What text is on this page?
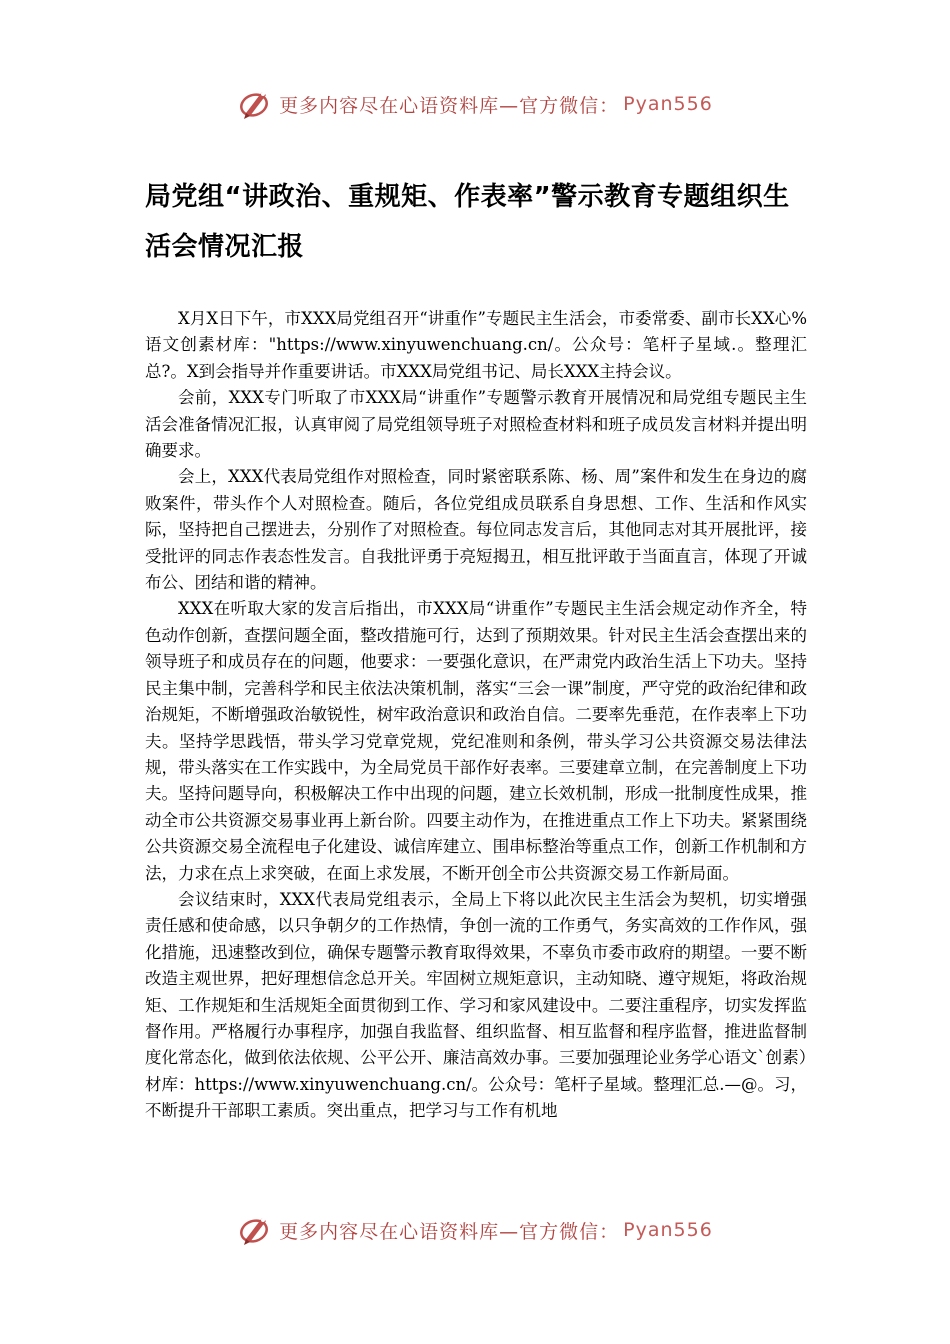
更多内容尽在心语资料库—官方微信： Pyan556
局党组“讲政治、重规矩、作表率”警示教育专题组织生活会情况汇报

X月X日下午，市XXX局党组召开“讲重作”专题民主生活会，市委常委、副市长XX心%语文创素材库："https://www.xinyuwenchuang.cn/。公众号：笔杆子星域.。整理汇总?。X到会指导并作重要讲话。市XXX局党组书记、局长XXX主持会议。

会前，XXX专门听取了市XXX局“讲重作”专题警示教育开展情况和局党组专题民主生活会准备情况汇报，认真审阅了局党组领导班子对照检查材料和班子成员发言材料并提出明确要求。

会上，XXX代表局党组作对照检查，同时紧密联系陈、杨、周”案件和发生在身边的腐败案件，带头作个人对照检查。随后，各位党组成员联系自身思想、工作、生活和作风实际，坚持把自己摆进去，分别作了对照检查。每位同志发言后，其他同志对其开展批评，接受批评的同志作表态性发言。自我批评勇于亮短揭丑，相互批评敢于当面直言，体现了开诚布公、团结和谐的精神。

XXX在听取大家的发言后指出，市XXX局“讲重作”专题民主生活会规定动作齐全，特色动作创新，查摆问题全面，整改措施可行，达到了预期效果。针对民主生活会查摆出来的领导班子和成员存在的问题，他要求：一要强化意识，在严肃党内政治生活上下功夫。坚持民主集中制，完善科学和民主依法决策机制，落实“三会一课”制度，严守党的政治纪律和政治规矩，不断增强政治敏锐性，树牢政治意识和政治自信。二要率先垂范，在作表率上下功夫。坚持学思践悟，带头学习党章党规，党纪准则和条例，带头学习公共资源交易法律法规，带头落实在工作实践中，为全局党员干部作好表率。三要建章立制，在完善制度上下功夫。坚持问题导向，积极解决工作中出现的问题，建立长效机制，形成一批制度性成果，推动全市公共资源交易事业再上新台阶。四要主动作为，在推进重点工作上下功夫。紧紧围绕公共资源交易全流程电子化建设、诚信库建立、围串标整治等重点工作，创新工作机制和方法，力求在点上求突破，在面上求发展，不断开创全市公共资源交易工作新局面。

会议结束时，XXX代表局党组表示，全局上下将以此次民主生活会为契机，切实增强责任感和使命感，以只争朝夕的工作热情，争创一流的工作勇气，务实高效的工作作风，强化措施，迅速整改到位，确保专题警示教育取得效果，不辜负市委市政府的期望。一要不断改造主观世界，把好理想信念总开关。牢固树立规矩意识，主动知晓、遵守规矩，将政治规矩、工作规矩和生活规矩全面贯彻到工作、学习和家风建设中。二要注重程序，切实发挥监督作用。严格履行办事程序，加强自我监督、组织监督、相互监督和程序监督，推进监督制度化常态化，做到依法依规、公平公开、廉洁高效办事。三要加强理论业务学心语文`创素）材库：https://www.xinyuwenchuang.cn/。公众号：笔杆子星域。整理汇总.—@。习，不断提升干部职工素质。突出重点，把学习与工作有机地

更多内容尽在心语资料库—官方微信： Pyan556
